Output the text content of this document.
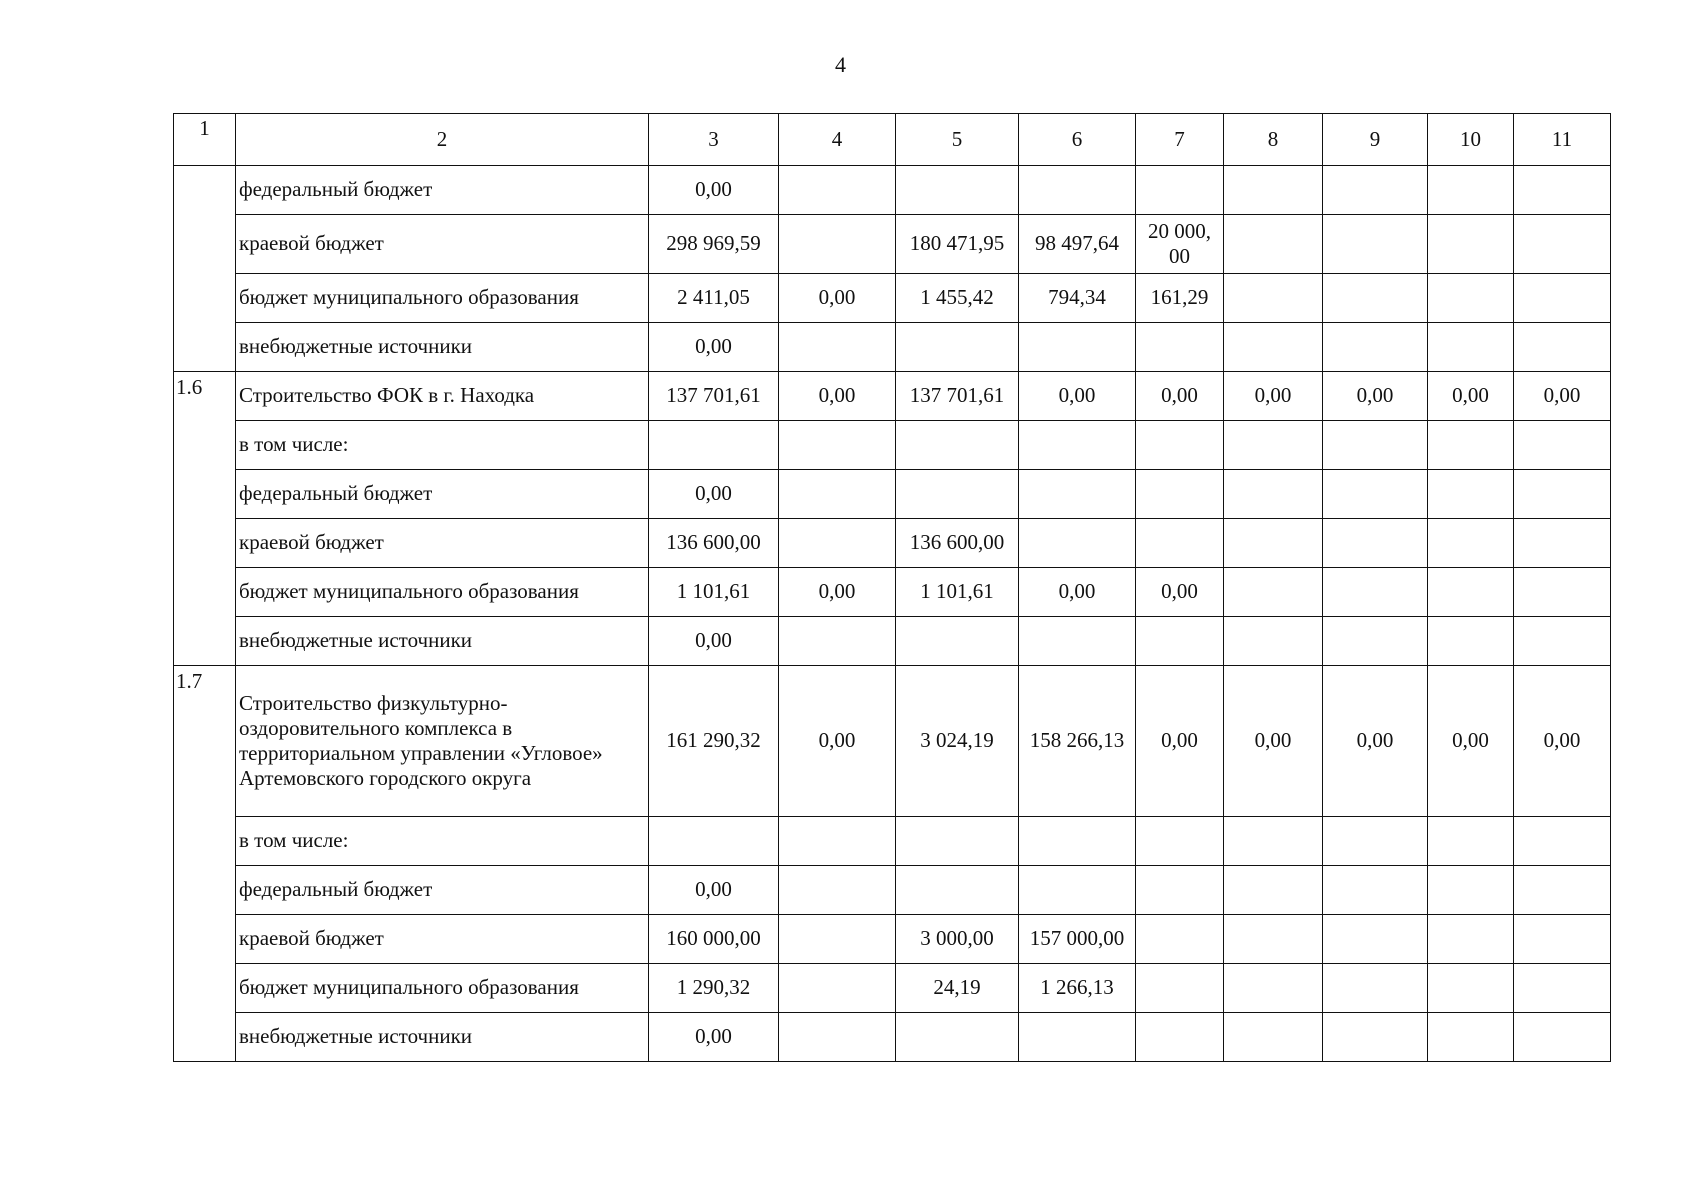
4
1	2	3	4	5	6	7	8	9	10	11
	федеральный бюджет	0,00								
	краевой бюджет	298 969,59		180 471,95	98 497,64	20 000, 00				
	бюджет муниципального образования	2 411,05	0,00	1 455,42	794,34	161,29				
	внебюджетные источники	0,00								
1.6	Строительство ФОК в г. Находка	137 701,61	0,00	137 701,61	0,00	0,00	0,00	0,00	0,00	0,00
	в том числе:									
	федеральный бюджет	0,00								
	краевой бюджет	136 600,00		136 600,00						
	бюджет муниципального образования	1 101,61	0,00	1 101,61	0,00	0,00				
	внебюджетные источники	0,00								
1.7	Строительство физкультурно-оздоровительного комплекса в территориальном управлении «Угловое» Артемовского городского округа	161 290,32	0,00	3 024,19	158 266,13	0,00	0,00	0,00	0,00	0,00
	в том числе:									
	федеральный бюджет	0,00								
	краевой бюджет	160 000,00		3 000,00	157 000,00					
	бюджет муниципального образования	1 290,32		24,19	1 266,13					
	внебюджетные источники	0,00								
